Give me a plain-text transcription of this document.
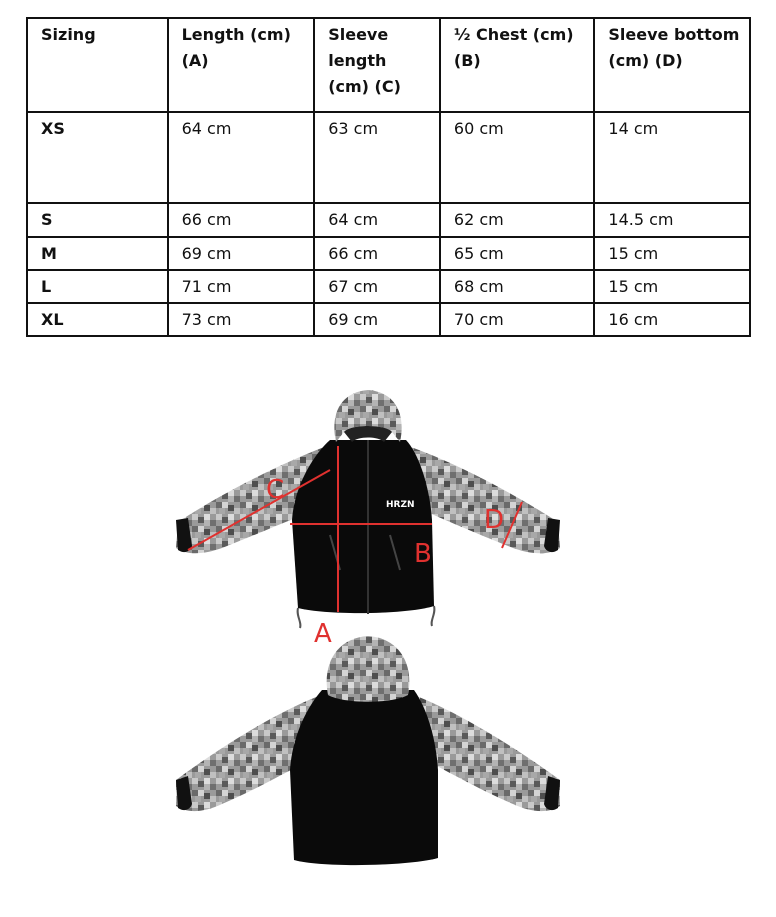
Sizing	Length (cm) (A)	Sleeve length (cm) (C)	½ Chest (cm) (B)	Sleeve bottom (cm) (D)
XS	64 cm	63 cm	60 cm	14 cm
S	66 cm	64 cm	62 cm	14.5 cm
M	69 cm	66 cm	65 cm	15 cm
L	71 cm	67 cm	68 cm	15 cm
XL	73 cm	69 cm	70 cm	16 cm
HRZN
A
B
C
D
